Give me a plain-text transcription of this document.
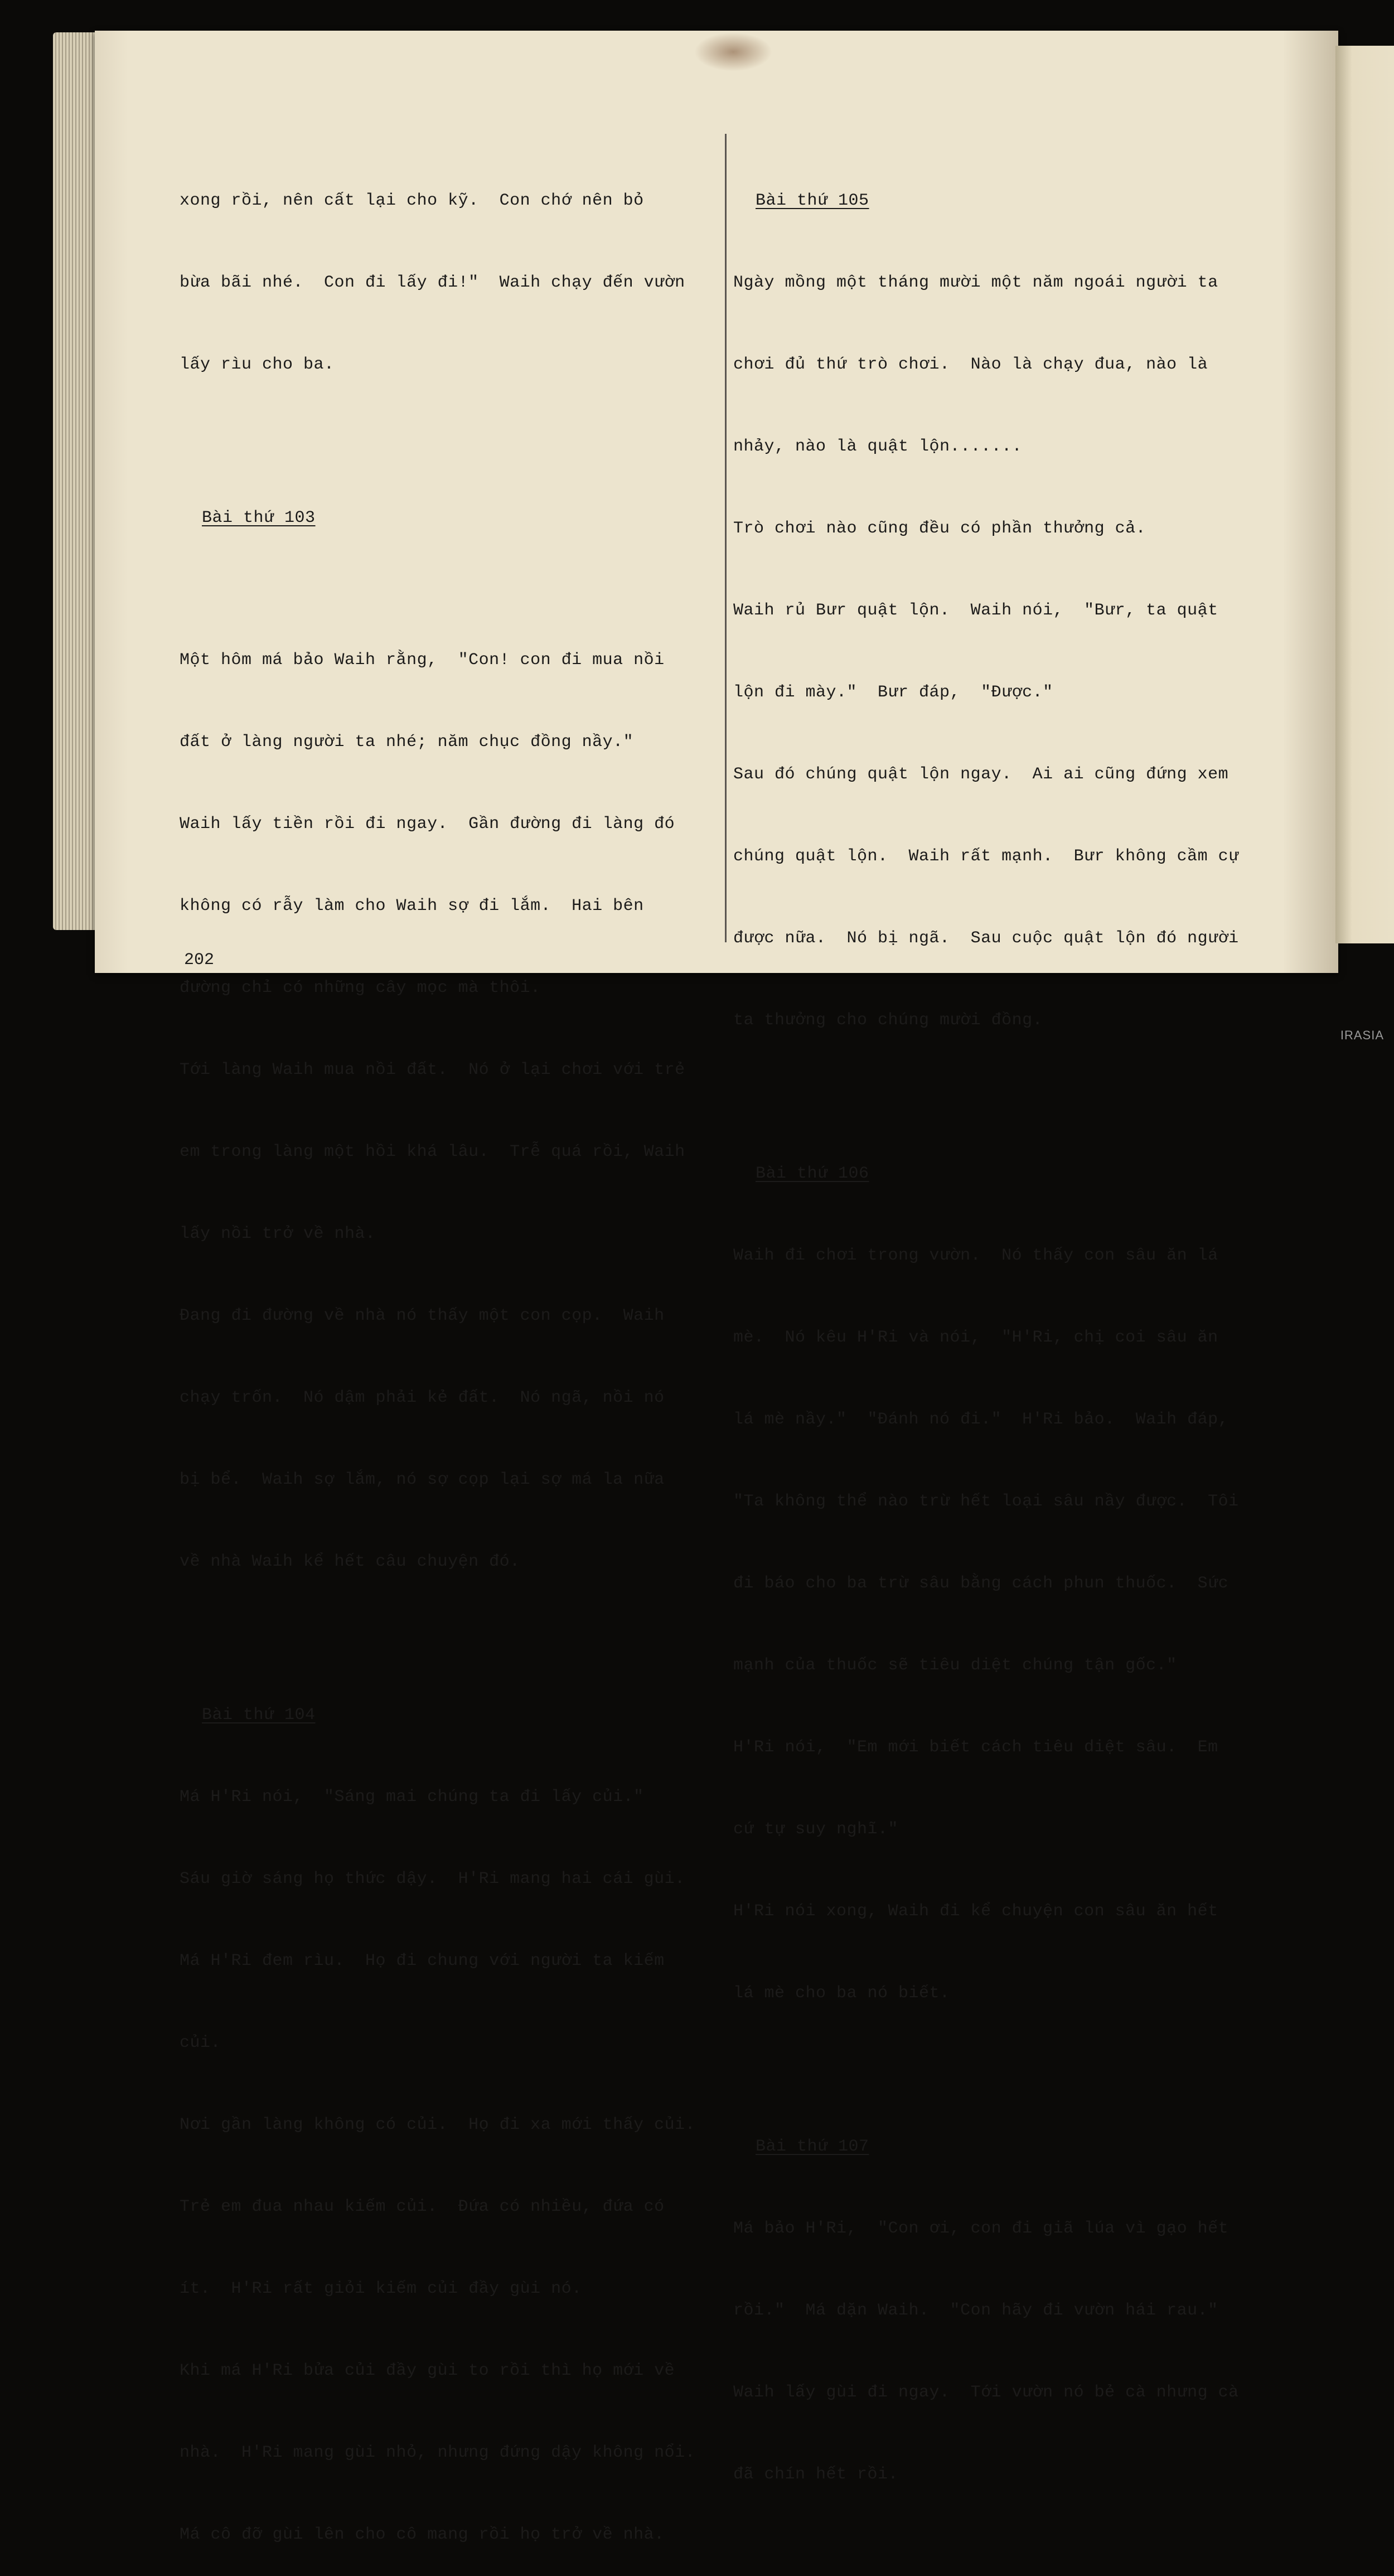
xong rồi, nên cất lại cho kỹ.  Con chớ nên bỏ

bừa bãi nhé.  Con đi lấy đi!"  Waih chạy đến vườn

lấy rìu cho ba.

Bài thứ 103

Một hôm má bảo Waih rằng,  "Con! con đi mua nồi

đất ở làng người ta nhé; năm chục đồng nầy."

Waih lấy tiền rồi đi ngay.  Gần đường đi làng đó

không có rẫy làm cho Waih sợ đi lắm.  Hai bên

đường chỉ có những cây mọc mà thôi.

Tới làng Waih mua nồi đất.  Nó ở lại chơi với trẻ

em trong làng một hồi khá lâu.  Trễ quá rồi, Waih

lấy nồi trở về nhà.

Đang đi đường về nhà nó thấy một con cọp.  Waih

chạy trốn.  Nó dậm phải kẻ đất.  Nó ngã, nồi nó

bị bể.  Waih sợ lắm, nó sợ cọp lại sợ má la nữa

về nhà Waih kể hết câu chuyện đó.

Bài thứ 104

Má H'Ri nói,  "Sáng mai chúng ta đi lấy củi."

Sáu giờ sáng họ thức dậy.  H'Ri mang hai cái gùi.

Má H'Ri đem rìu.  Họ đi chung với người ta kiếm

củi.

Nơi gần làng không có củi.  Họ đi xa mới thấy củi.

Trẻ em đua nhau kiếm củi.  Đứa có nhiều, đứa có

ít.  H'Ri rất giỏi kiếm củi đầy gùi nó.

Khi má H'Ri bửa củi đầy gùi to rồi thì họ mới về

nhà.  H'Ri mang gùi nhỏ, nhưng đứng dậy không nổi.

Má cô đỡ gùi lên cho cô mang rồi họ trở về nhà.

Bài thứ 105

Ngày mồng một tháng mười một năm ngoái người ta

chơi đủ thứ trò chơi.  Nào là chạy đua, nào là

nhảy, nào là quật lộn.......

Trò chơi nào cũng đều có phần thưởng cả.

Waih rủ Bưr quật lộn.  Waih nói,  "Bưr, ta quật

lộn đi mày."  Bưr đáp,  "Được."

Sau đó chúng quật lộn ngay.  Ai ai cũng đứng xem

chúng quật lộn.  Waih rất mạnh.  Bưr không cầm cự

được nữa.  Nó bị ngã.  Sau cuộc quật lộn đó người

ta thưởng cho chúng mười đồng.

Bài thứ 106

Waih đi chơi trong vườn.  Nó thấy con sâu ăn lá

mè.  Nó kêu H'Ri và nói,  "H'Ri, chị coi sâu ăn

lá mè nầy."  "Đánh nó đi."  H'Ri bảo.  Waih đáp,

"Ta không thể nào trừ hết loại sâu nầy được.  Tôi

đi báo cho ba trừ sâu bằng cách phun thuốc.  Sức

mạnh của thuốc sẽ tiêu diệt chúng tận gốc."

H'Ri nói,  "Em mới biết cách tiêu diệt sâu.  Em

cứ tự suy nghĩ."

H'Ri nói xong, Waih đi kể chuyện con sâu ăn hết

lá mè cho ba nó biết.

Bài thứ 107

Má bảo H'Ri,  "Con ơi, con đi giã lúa vì gạo hết

rồi."  Má dặn Waih.  "Con hãy đi vườn hái rau."

Waih lấy gùi đi ngay.  Tới vườn nó bẻ cà nhưng cà

đã chín hết rồi.

202
IRASIA
